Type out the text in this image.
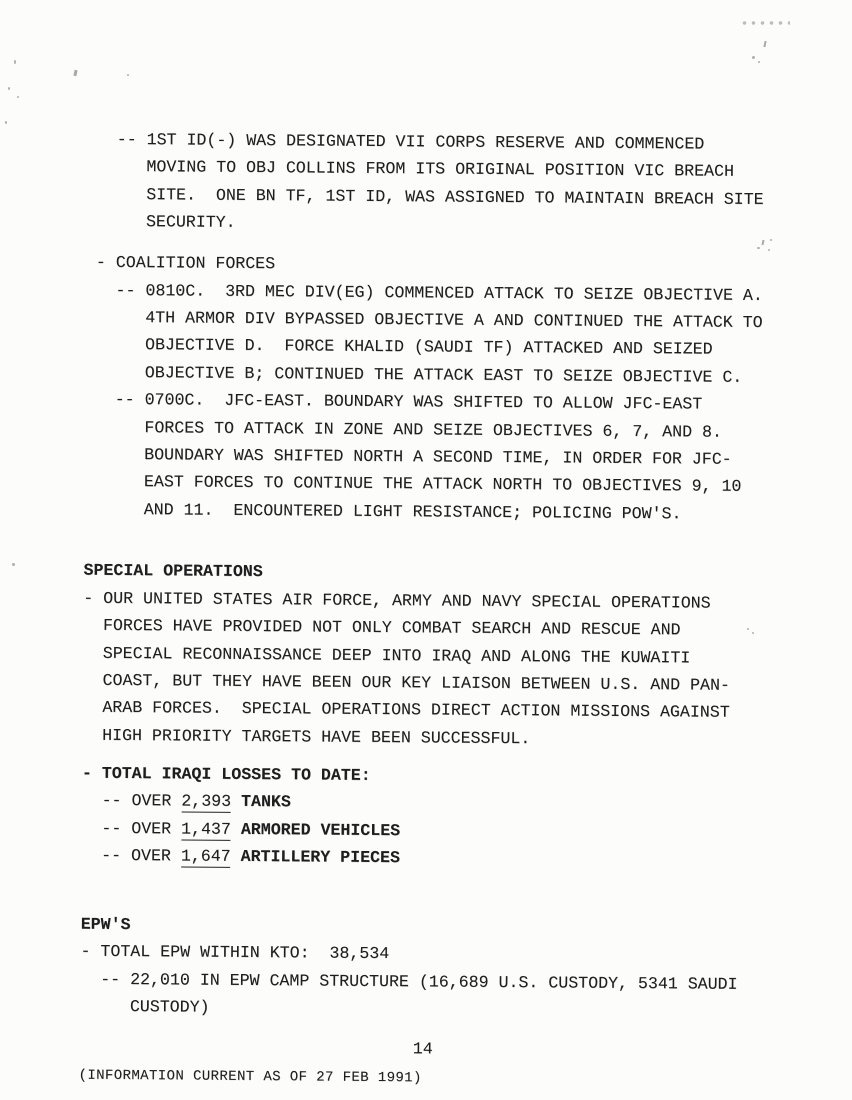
-- 1ST ID(-) WAS DESIGNATED VII CORPS RESERVE AND COMMENCED
MOVING TO OBJ COLLINS FROM ITS ORIGINAL POSITION VIC BREACH
SITE.  ONE BN TF, 1ST ID, WAS ASSIGNED TO MAINTAIN BREACH SITE
SECURITY.
- COALITION FORCES
-- 0810C.  3RD MEC DIV(EG) COMMENCED ATTACK TO SEIZE OBJECTIVE A.
4TH ARMOR DIV BYPASSED OBJECTIVE A AND CONTINUED THE ATTACK TO
OBJECTIVE D.  FORCE KHALID (SAUDI TF) ATTACKED AND SEIZED
OBJECTIVE B; CONTINUED THE ATTACK EAST TO SEIZE OBJECTIVE C.
-- 0700C.  JFC-EAST. BOUNDARY WAS SHIFTED TO ALLOW JFC-EAST
FORCES TO ATTACK IN ZONE AND SEIZE OBJECTIVES 6, 7, AND 8.
BOUNDARY WAS SHIFTED NORTH A SECOND TIME, IN ORDER FOR JFC-
EAST FORCES TO CONTINUE THE ATTACK NORTH TO OBJECTIVES 9, 10
AND 11.  ENCOUNTERED LIGHT RESISTANCE; POLICING POW'S.
SPECIAL OPERATIONS
- OUR UNITED STATES AIR FORCE, ARMY AND NAVY SPECIAL OPERATIONS
FORCES HAVE PROVIDED NOT ONLY COMBAT SEARCH AND RESCUE AND
SPECIAL RECONNAISSANCE DEEP INTO IRAQ AND ALONG THE KUWAITI
COAST, BUT THEY HAVE BEEN OUR KEY LIAISON BETWEEN U.S. AND PAN-
ARAB FORCES.  SPECIAL OPERATIONS DIRECT ACTION MISSIONS AGAINST
HIGH PRIORITY TARGETS HAVE BEEN SUCCESSFUL.
- TOTAL IRAQI LOSSES TO DATE:
-- OVER 2,393 TANKS
-- OVER 1,437 ARMORED VEHICLES
-- OVER 1,647 ARTILLERY PIECES
EPW'S
- TOTAL EPW WITHIN KTO:  38,534
-- 22,010 IN EPW CAMP STRUCTURE (16,689 U.S. CUSTODY, 5341 SAUDI
CUSTODY)
14
(INFORMATION CURRENT AS OF 27 FEB 1991)
